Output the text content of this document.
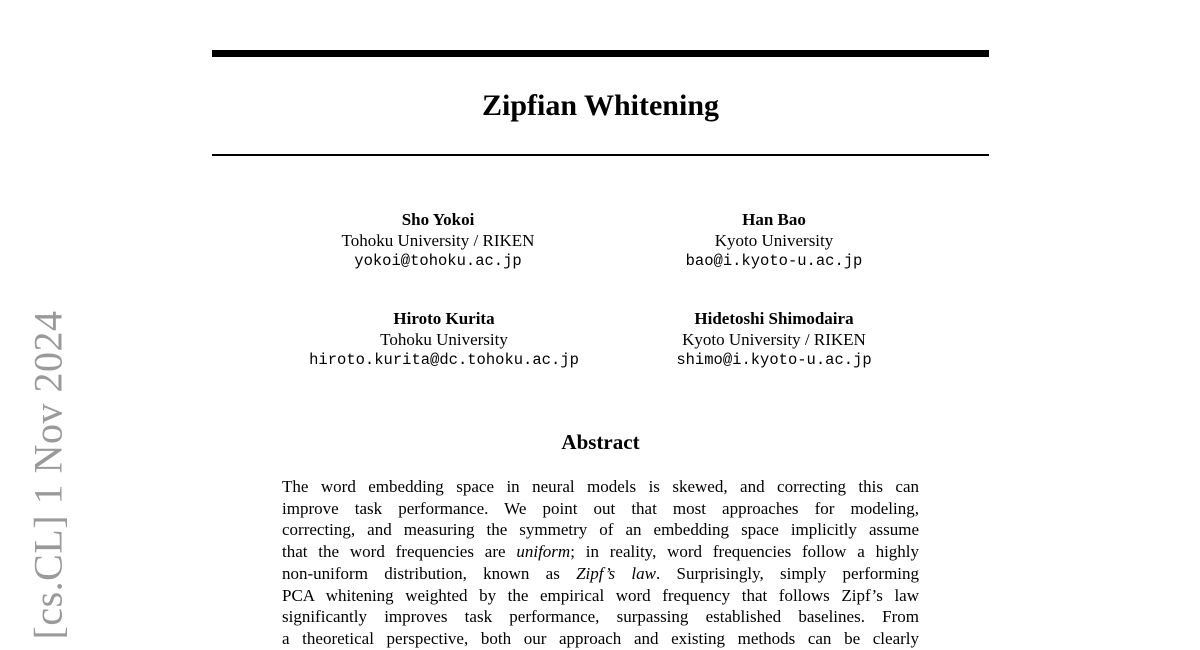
Zipfian Whitening
Sho Yokoi
Tohoku University / RIKEN
yokoi@tohoku.ac.jp
Han Bao
Kyoto University
bao@i.kyoto-u.ac.jp
Hiroto Kurita
Tohoku University
hiroto.kurita@dc.tohoku.ac.jp
Hidetoshi Shimodaira
Kyoto University / RIKEN
shimo@i.kyoto-u.ac.jp
Abstract
The word embedding space in neural models is skewed, and correcting this can
improve task performance. We point out that most approaches for modeling,
correcting, and measuring the symmetry of an embedding space implicitly assume
that the word frequencies are uniform; in reality, word frequencies follow a highly
non-uniform distribution, known as Zipf’s law. Surprisingly, simply performing
PCA whitening weighted by the empirical word frequency that follows Zipf’s law
significantly improves task performance, surpassing established baselines. From
a theoretical perspective, both our approach and existing methods can be clearly
[cs.CL] 1 Nov 2024
